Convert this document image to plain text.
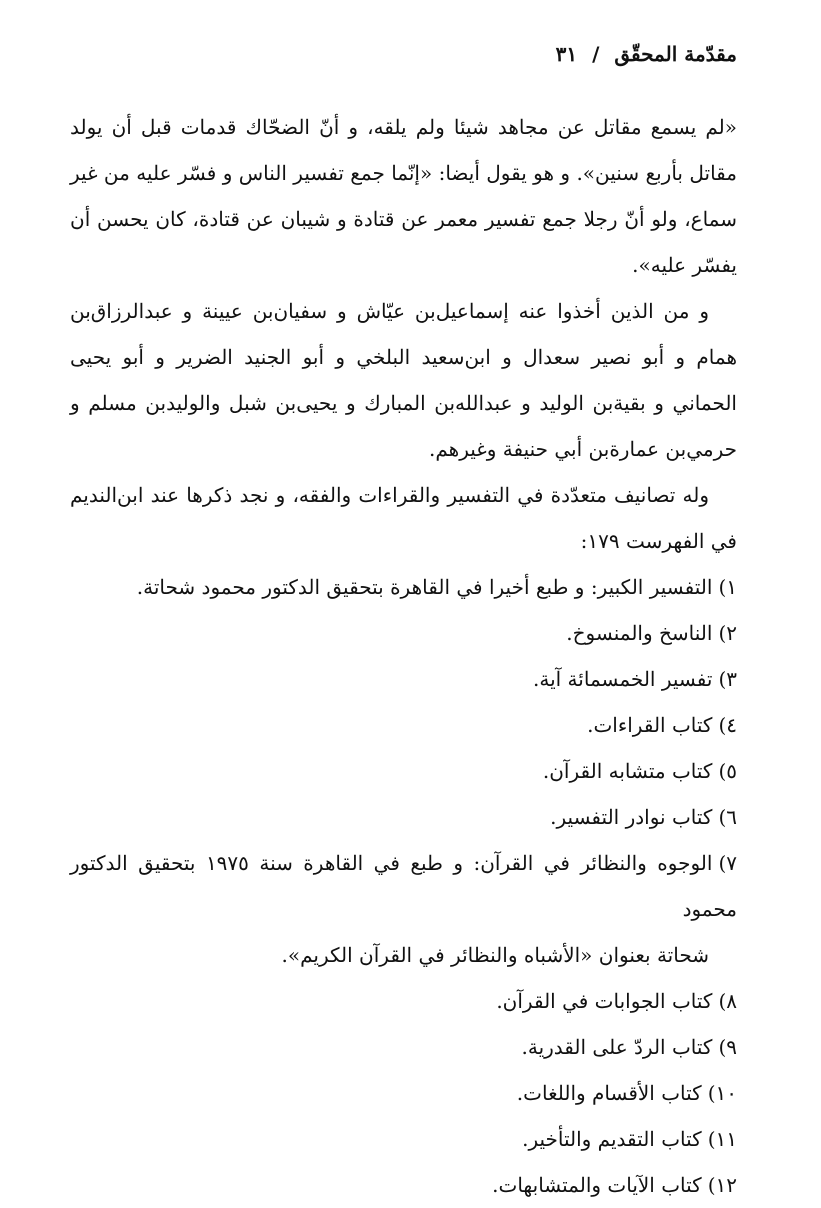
مقدّمة المحقّق / ٣١

«لم يسمع مقاتل عن مجاهد شيئا ولم يلقه، و أنّ الضحّاك قدمات قبل أن يولد مقاتل بأربع سنين». و هو يقول أيضا: «إنّما جمع تفسير الناس و فسّر عليه من غير سماع، ولو أنّ رجلا جمع تفسير معمر عن قتادة و شيبان عن قتادة، كان يحسن أن يفسّر عليه».

و من الذين أخذوا عنه إسماعيل‌بن عيّاش و سفيان‌بن عيينة و عبدالرزاق‌بن همام و أبو نصير سعدال و ابن‌سعيد البلخي و أبو الجنيد الضرير و أبو يحيى الحماني و بقية‌بن الوليد و عبدالله‌بن المبارك و يحيى‌بن شبل والوليدبن مسلم و حرمي‌بن عمارة‌بن أبي حنيفة وغيرهم.

وله تصانيف متعدّدة في التفسير والقراءات والفقه، و نجد ذكرها عند ابن‌النديم في الفهرست ١٧٩:

١)التفسير الكبير: و طبع أخيرا في القاهرة بتحقيق الدكتور محمود شحاتة.
٢)الناسخ والمنسوخ.
٣)تفسير الخمسمائة آية.
٤)كتاب القراءات.
٥)كتاب متشابه القرآن.
٦)كتاب نوادر التفسير.
٧)الوجوه والنظائر في القرآن: و طبع في القاهرة سنة ١٩٧٥ بتحقيق الدكتور محمود
شحاتة بعنوان «الأشباه والنظائر في القرآن الكريم».
٨)كتاب الجوابات في القرآن.
٩)كتاب الردّ على القدرية.
١٠)كتاب الأقسام واللغات.
١١)كتاب التقديم والتأخير.
١٢)كتاب الآيات والمتشابهات.
